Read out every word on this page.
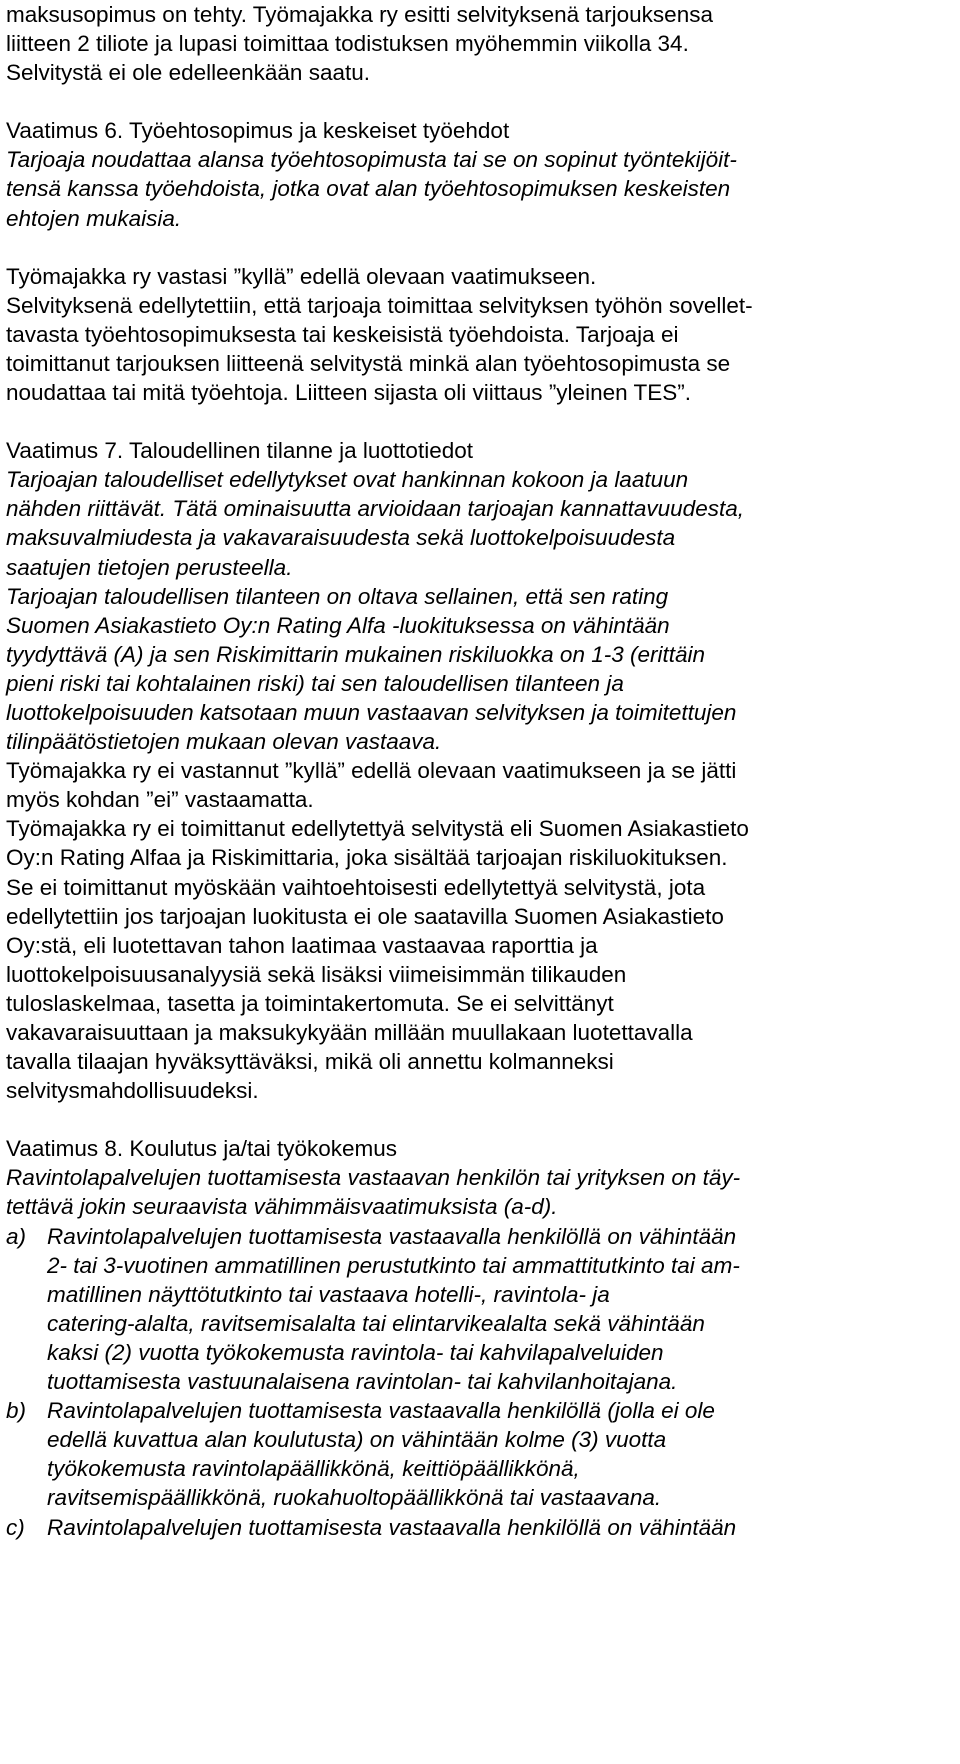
maksusopimus on tehty. Työmajakka ry esitti selvityksenä tarjouksensa
liitteen 2 tiliote ja lupasi toimittaa todistuksen myöhemmin viikolla 34.
Selvitystä ei ole edelleenkään saatu.
Vaatimus 6. Työehtosopimus ja keskeiset työehdot
Tarjoaja noudattaa alansa työehtosopimusta tai se on sopinut työntekijöit-
tensä kanssa työehdoista, jotka ovat alan työehtosopimuksen keskeisten
ehtojen mukaisia.
Työmajakka ry vastasi ”kyllä” edellä olevaan vaatimukseen.
Selvityksenä edellytettiin, että tarjoaja toimittaa selvityksen työhön sovellet-
tavasta työehtosopimuksesta tai keskeisistä työehdoista. Tarjoaja ei
toimittanut tarjouksen liitteenä selvitystä minkä alan työehtosopimusta se
noudattaa tai mitä työehtoja. Liitteen sijasta oli viittaus ”yleinen TES”.
Vaatimus 7. Taloudellinen tilanne ja luottotiedot
Tarjoajan taloudelliset edellytykset ovat hankinnan kokoon ja laatuun
nähden riittävät. Tätä ominaisuutta arvioidaan tarjoajan kannattavuudesta,
maksuvalmiudesta ja vakavaraisuudesta sekä luottokelpoisuudesta
saatujen tietojen perusteella.
Tarjoajan taloudellisen tilanteen on oltava sellainen, että sen rating
Suomen Asiakastieto Oy:n Rating Alfa -luokituksessa on vähintään
tyydyttävä (A) ja sen Riskimittarin mukainen riskiluokka on 1-3 (erittäin
pieni riski tai kohtalainen riski) tai sen taloudellisen tilanteen ja
luottokelpoisuuden katsotaan muun vastaavan selvityksen ja toimitettujen
tilinpäätöstietojen mukaan olevan vastaava.
Työmajakka ry ei vastannut ”kyllä” edellä olevaan vaatimukseen ja se jätti
myös kohdan ”ei” vastaamatta.
Työmajakka ry ei toimittanut edellytettyä selvitystä eli Suomen Asiakastieto
Oy:n Rating Alfaa ja Riskimittaria, joka sisältää tarjoajan riskiluokituksen.
Se ei toimittanut myöskään vaihtoehtoisesti edellytettyä selvitystä, jota
edellytettiin jos tarjoajan luokitusta ei ole saatavilla Suomen Asiakastieto
Oy:stä, eli luotettavan tahon laatimaa vastaavaa raporttia ja
luottokelpoisuusanalyysiä sekä lisäksi viimeisimmän tilikauden
tuloslaskelmaa, tasetta ja toimintakertomuta. Se ei selvittänyt
vakavaraisuuttaan ja maksukykyään millään muullakaan luotettavalla
tavalla tilaajan hyväksyttäväksi, mikä oli annettu kolmanneksi
selvitysmahdollisuudeksi.
Vaatimus 8. Koulutus ja/tai työkokemus
Ravintolapalvelujen tuottamisesta vastaavan henkilön tai yrityksen on täy-
tettävä jokin seuraavista vähimmäisvaatimuksista (a-d).
a) Ravintolapalvelujen tuottamisesta vastaavalla henkilöllä on vähintään
2- tai 3-vuotinen ammatillinen perustutkinto tai ammattitutkinto tai am-
matillinen näyttötutkinto tai vastaava hotelli-, ravintola- ja
catering-alalta, ravitsemisalalta tai elintarvikealalta sekä vähintään
kaksi (2) vuotta työkokemusta ravintola- tai kahvilapalveluiden
tuottamisesta vastuunalaisena ravintolan- tai kahvilanhoitajana.
b) Ravintolapalvelujen tuottamisesta vastaavalla henkilöllä (jolla ei ole
edellä kuvattua alan koulutusta) on vähintään kolme (3) vuotta
työkokemusta ravintolapäällikkönä, keittiöpäällikkönä,
ravitsemispäällikkönä, ruokahuoltopäällikkönä tai vastaavana.
c) Ravintolapalvelujen tuottamisesta vastaavalla henkilöllä on vähintään
